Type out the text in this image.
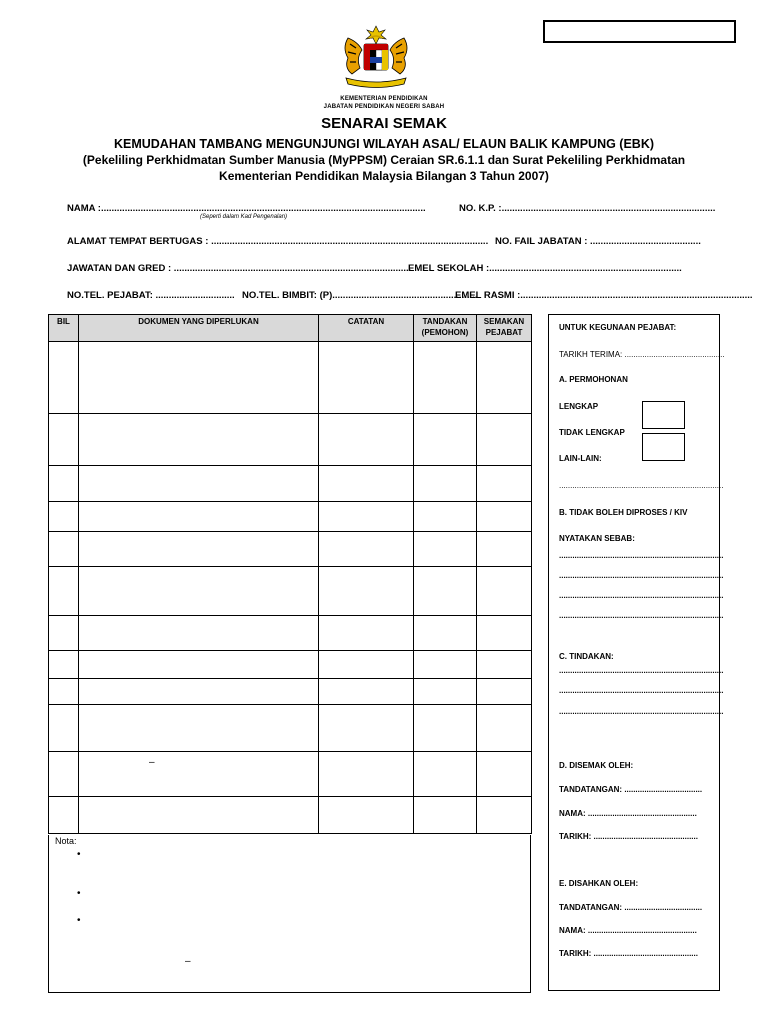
KEMENTERIAN PENDIDIKAN
JABATAN PENDIDIKAN NEGERI SABAH
SENARAI SEMAK
KEMUDAHAN TAMBANG MENGUNJUNGI WILAYAH ASAL/ ELAUN BALIK KAMPUNG (EBK)
(Pekeliling Perkhidmatan Sumber Manusia (MyPPSM) Ceraian SR.6.1.1 dan Surat Pekeliling Perkhidmatan
Kementerian Pendidikan Malaysia Bilangan 3 Tahun 2007)
NAMA :...........................................................................................................................
(Seperti dalam Kad Pengenalan)
NO. K.P. :.................................................................................
ALAMAT TEMPAT BERTUGAS : ......................................................................................................... NO. FAIL JABATAN : ..........................................
JAWATAN DAN GRED : ..........................................................................................
EMEL SEKOLAH :.........................................................................
NO.TEL. PEJABAT: .............................. NO.TEL. BIMBIT: (P).......................................................
EMEL RASMI :........................................................................................
BIL	DOKUMEN YANG DIPERLUKAN	CATATAN	TANDAKAN (PEMOHON)	SEMAKAN PEJABAT

	–			

Nota:
•
•
•
–
UNTUK KEGUNAAN PEJABAT:
TARIKH TERIMA: .............................................
A. PERMOHONAN
LENGKAP
TIDAK LENGKAP
LAIN-LAIN:
..........................................................................
B. TIDAK BOLEH DIPROSES / KIV
NYATAKAN SEBAB:
..........................................................................
..........................................................................
..........................................................................
..........................................................................
C. TINDAKAN:
..........................................................................
..........................................................................
..........................................................................
D. DISEMAK OLEH:
TANDATANGAN: ...................................
NAMA: .................................................
TARIKH: ...............................................
E. DISAHKAN OLEH:
TANDATANGAN: ...................................
NAMA: .................................................
TARIKH: ...............................................
